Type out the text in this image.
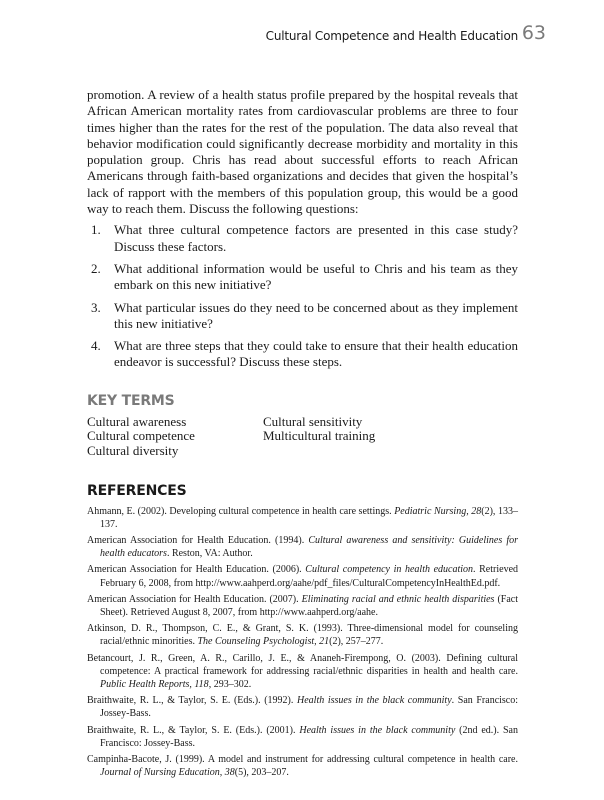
Cultural Competence and Health Education 63

promotion. A review of a health status profile prepared by the hospital reveals that African American mortality rates from cardiovascular problems are three to four times higher than the rates for the rest of the population. The data also reveal that behavior modification could significantly decrease morbidity and mortality in this population group. Chris has read about successful efforts to reach African Americans through faith-based organizations and decides that given the hospital’s lack of rapport with the members of this population group, this would be a good way to reach them. Discuss the following questions:

1. What three cultural competence factors are presented in this case study? Discuss these factors.
2. What additional information would be useful to Chris and his team as they embark on this new initiative?
3. What particular issues do they need to be concerned about as they implement this new initiative?
4. What are three steps that they could take to ensure that their health education endeavor is successful? Discuss these steps.
KEY TERMS
Cultural awareness	Cultural sensitivity
Cultural competence	Multicultural training
Cultural diversity
REFERENCES
Ahmann, E. (2002). Developing cultural competence in health care settings. Pediatric Nursing, 28(2), 133–137.
American Association for Health Education. (1994). Cultural awareness and sensitivity: Guidelines for health educators. Reston, VA: Author.
American Association for Health Education. (2006). Cultural competency in health education. Retrieved February 6, 2008, from http://www.aahperd.org/aahe/pdf_files/CulturalCompetencyInHealthEd.pdf.
American Association for Health Education. (2007). Eliminating racial and ethnic health disparities (Fact Sheet). Retrieved August 8, 2007, from http://www.aahperd.org/aahe.
Atkinson, D. R., Thompson, C. E., & Grant, S. K. (1993). Three-dimensional model for counseling racial/ethnic minorities. The Counseling Psychologist, 21(2), 257–277.
Betancourt, J. R., Green, A. R., Carillo, J. E., & Ananeh-Firempong, O. (2003). Defining cultural competence: A practical framework for addressing racial/ethnic disparities in health and health care. Public Health Reports, 118, 293–302.
Braithwaite, R. L., & Taylor, S. E. (Eds.). (1992). Health issues in the black community. San Francisco: Jossey-Bass.
Braithwaite, R. L., & Taylor, S. E. (Eds.). (2001). Health issues in the black community (2nd ed.). San Francisco: Jossey-Bass.
Campinha-Bacote, J. (1999). A model and instrument for addressing cultural competence in health care. Journal of Nursing Education, 38(5), 203–207.
